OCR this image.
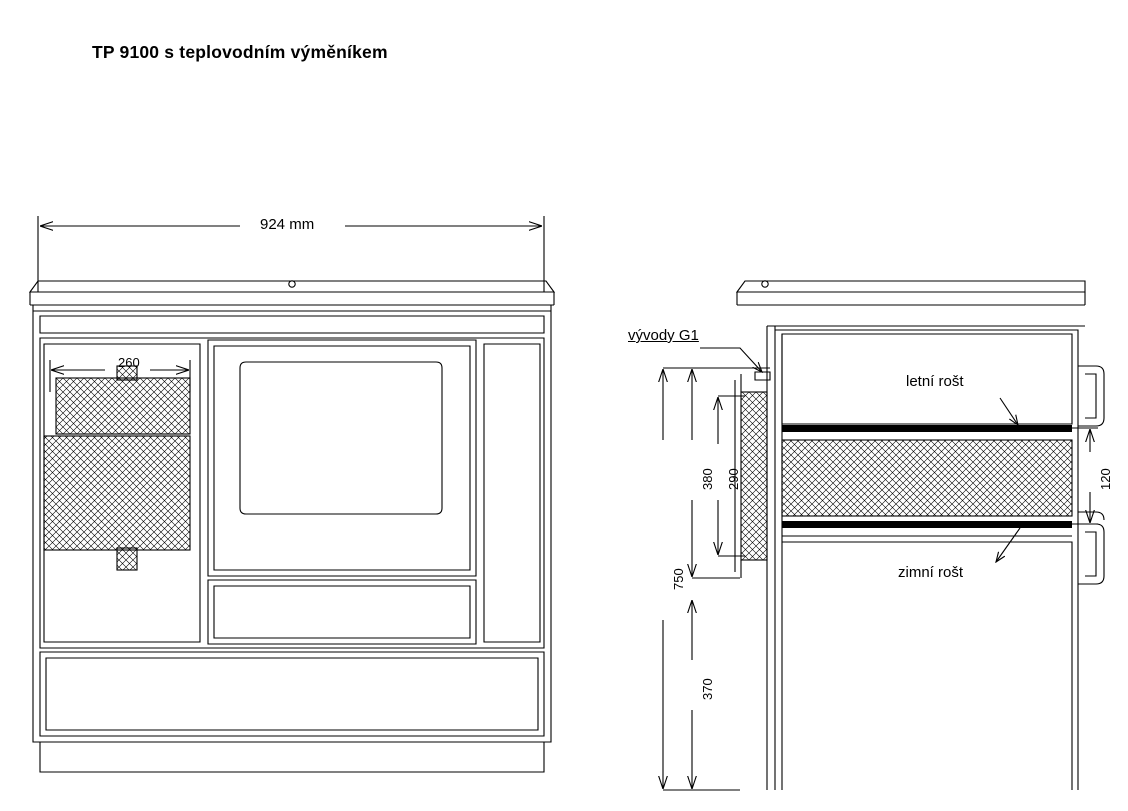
TP 9100 s teplovodním výměníkem
924 mm
260
vývody G1
letní rošt
zimní rošt
380 290
750
370
120
